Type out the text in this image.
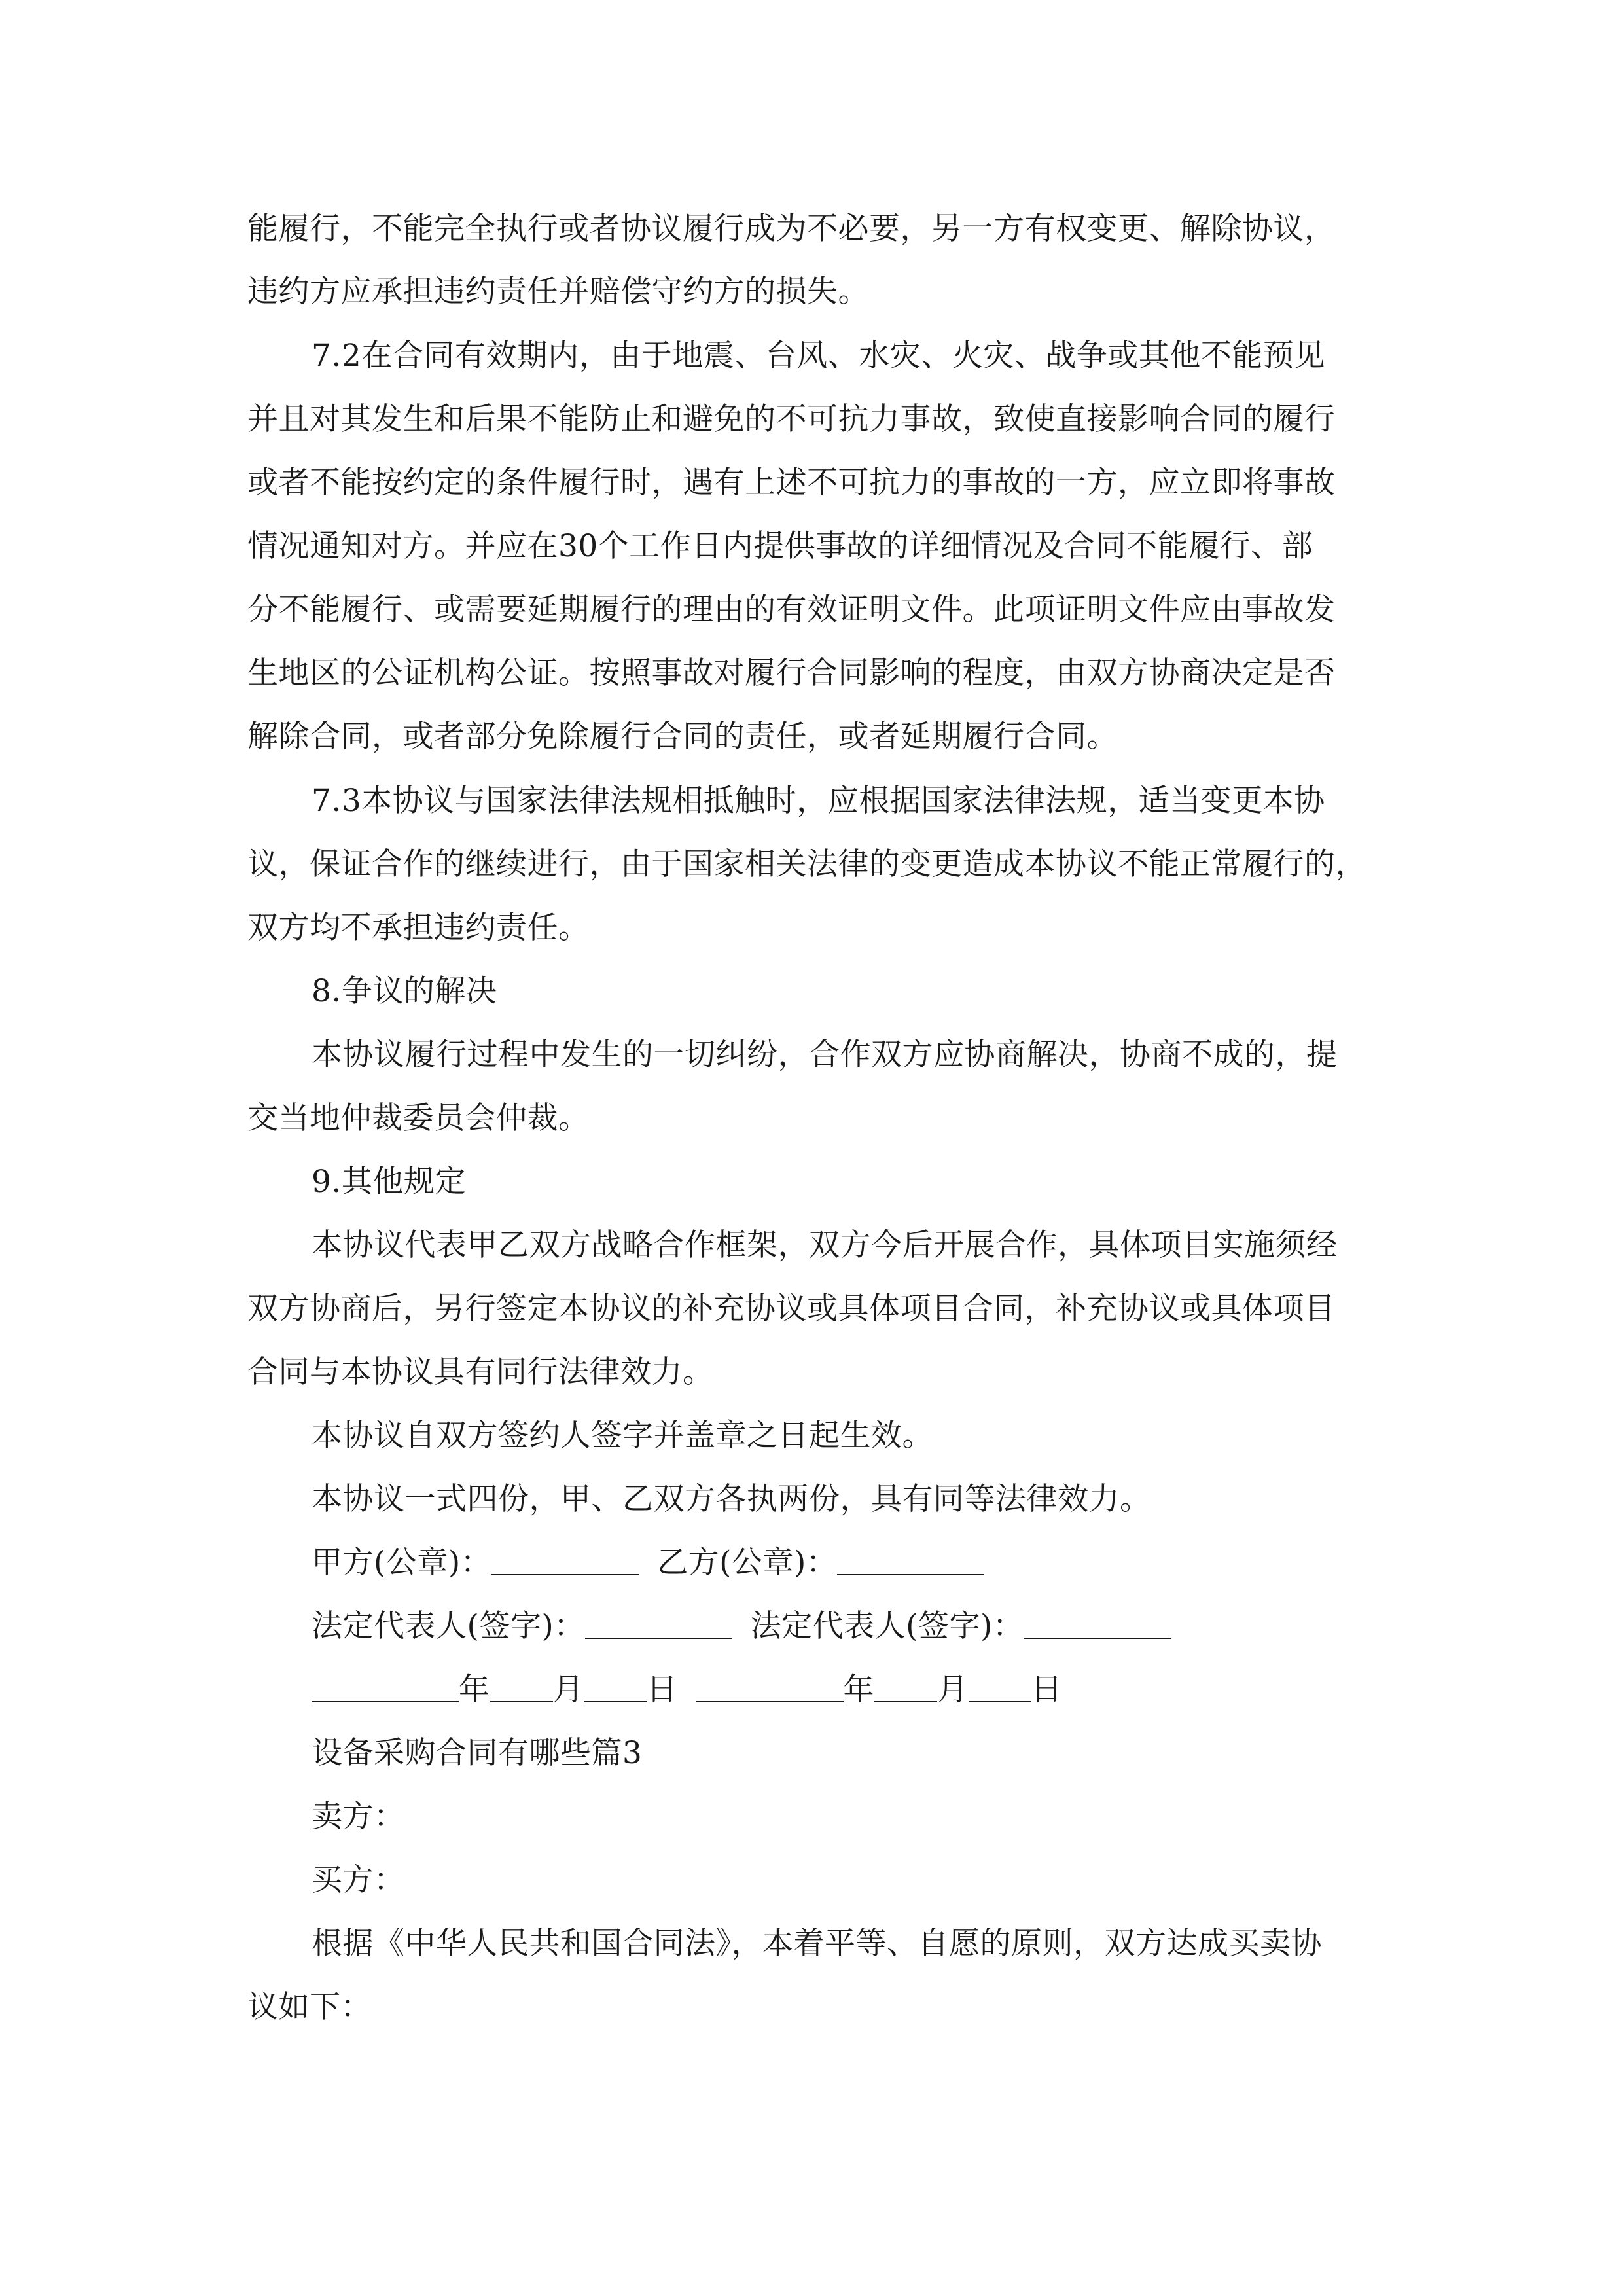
能履行，不能完全执行或者协议履行成为不必要，另一方有权变更、解除协议，
违约方应承担违约责任并赔偿守约方的损失。
7.2在合同有效期内，由于地震、台风、水灾、火灾、战争或其他不能预见
并且对其发生和后果不能防止和避免的不可抗力事故，致使直接影响合同的履行
或者不能按约定的条件履行时，遇有上述不可抗力的事故的一方，应立即将事故
情况通知对方。并应在30个工作日内提供事故的详细情况及合同不能履行、部
分不能履行、或需要延期履行的理由的有效证明文件。此项证明文件应由事故发
生地区的公证机构公证。按照事故对履行合同影响的程度，由双方协商决定是否
解除合同，或者部分免除履行合同的责任，或者延期履行合同。
7.3本协议与国家法律法规相抵触时，应根据国家法律法规，适当变更本协
议，保证合作的继续进行，由于国家相关法律的变更造成本协议不能正常履行的，
双方均不承担违约责任。
8.争议的解决
本协议履行过程中发生的一切纠纷，合作双方应协商解决，协商不成的，提
交当地仲裁委员会仲裁。
9.其他规定
本协议代表甲乙双方战略合作框架，双方今后开展合作，具体项目实施须经
双方协商后，另行签定本协议的补充协议或具体项目合同，补充协议或具体项目
合同与本协议具有同行法律效力。
本协议自双方签约人签字并盖章之日起生效。
本协议一式四份，甲、乙双方各执两份，具有同等法律效力。
甲方(公章)：	乙方(公章)：
法定代表人(签字)：	法定代表人(签字)：
年 月 日	年 月 日
设备采购合同有哪些篇3
卖方：
买方：
根据《中华人民共和国合同法》，本着平等、自愿的原则，双方达成买卖协
议如下：
